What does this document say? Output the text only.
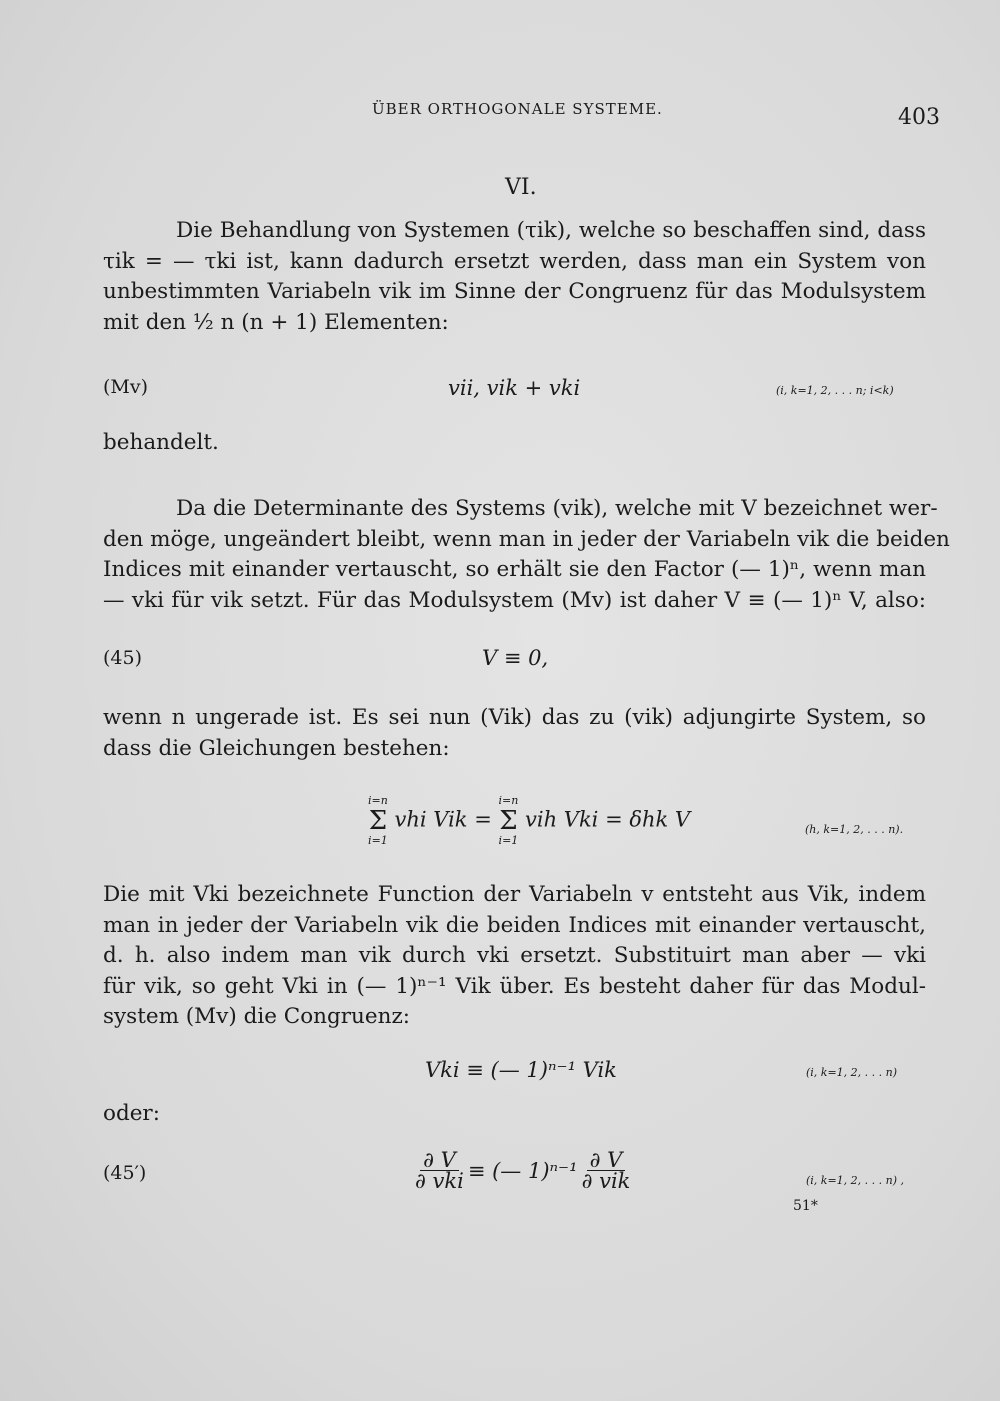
ÜBER ORTHOGONALE SYSTEME.	403
VI.
Die Behandlung von Systemen (τik), welche so beschaffen sind, dass
τik = — τki ist, kann dadurch ersetzt werden, dass man ein System von
unbestimmten Variabeln vik im Sinne der Congruenz für das Modulsystem
mit den ½ n (n + 1) Elementen:
(Mv)	vii, vik + vki	(i, k=1, 2, . . . n; i<k)
behandelt.
Da die Determinante des Systems (vik), welche mit V bezeichnet wer-
den möge, ungeändert bleibt, wenn man in jeder der Variabeln vik die beiden
Indices mit einander vertauscht, so erhält sie den Factor (— 1)ⁿ, wenn man
— vki für vik setzt. Für das Modulsystem (Mv) ist daher V ≡ (— 1)ⁿ V, also:
(45)	V ≡ 0,
wenn n ungerade ist. Es sei nun (Vik) das zu (vik) adjungirte System, so
dass die Gleichungen bestehen:
i=n
Σ
i=1
vhi Vik =
i=n
Σ
i=1
vih Vki = δhk V	(h, k=1, 2, . . . n).
Die mit Vki bezeichnete Function der Variabeln v entsteht aus Vik, indem
man in jeder der Variabeln vik die beiden Indices mit einander vertauscht,
d. h. also indem man vik durch vki ersetzt. Substituirt man aber — vki
für vik, so geht Vki in (— 1)ⁿ⁻¹ Vik über. Es besteht daher für das Modul-
system (Mv) die Congruenz:
Vki ≡ (— 1)ⁿ⁻¹ Vik	(i, k=1, 2, . . . n)
oder:
(45′)	$\frac{\partial V}{\text{∂ vki}}$ ≡ (— $1)^{n-1} \frac{\partial V}{\text{∂ vik}}$	(i, k=1, 2, . . . n) ,
51*
